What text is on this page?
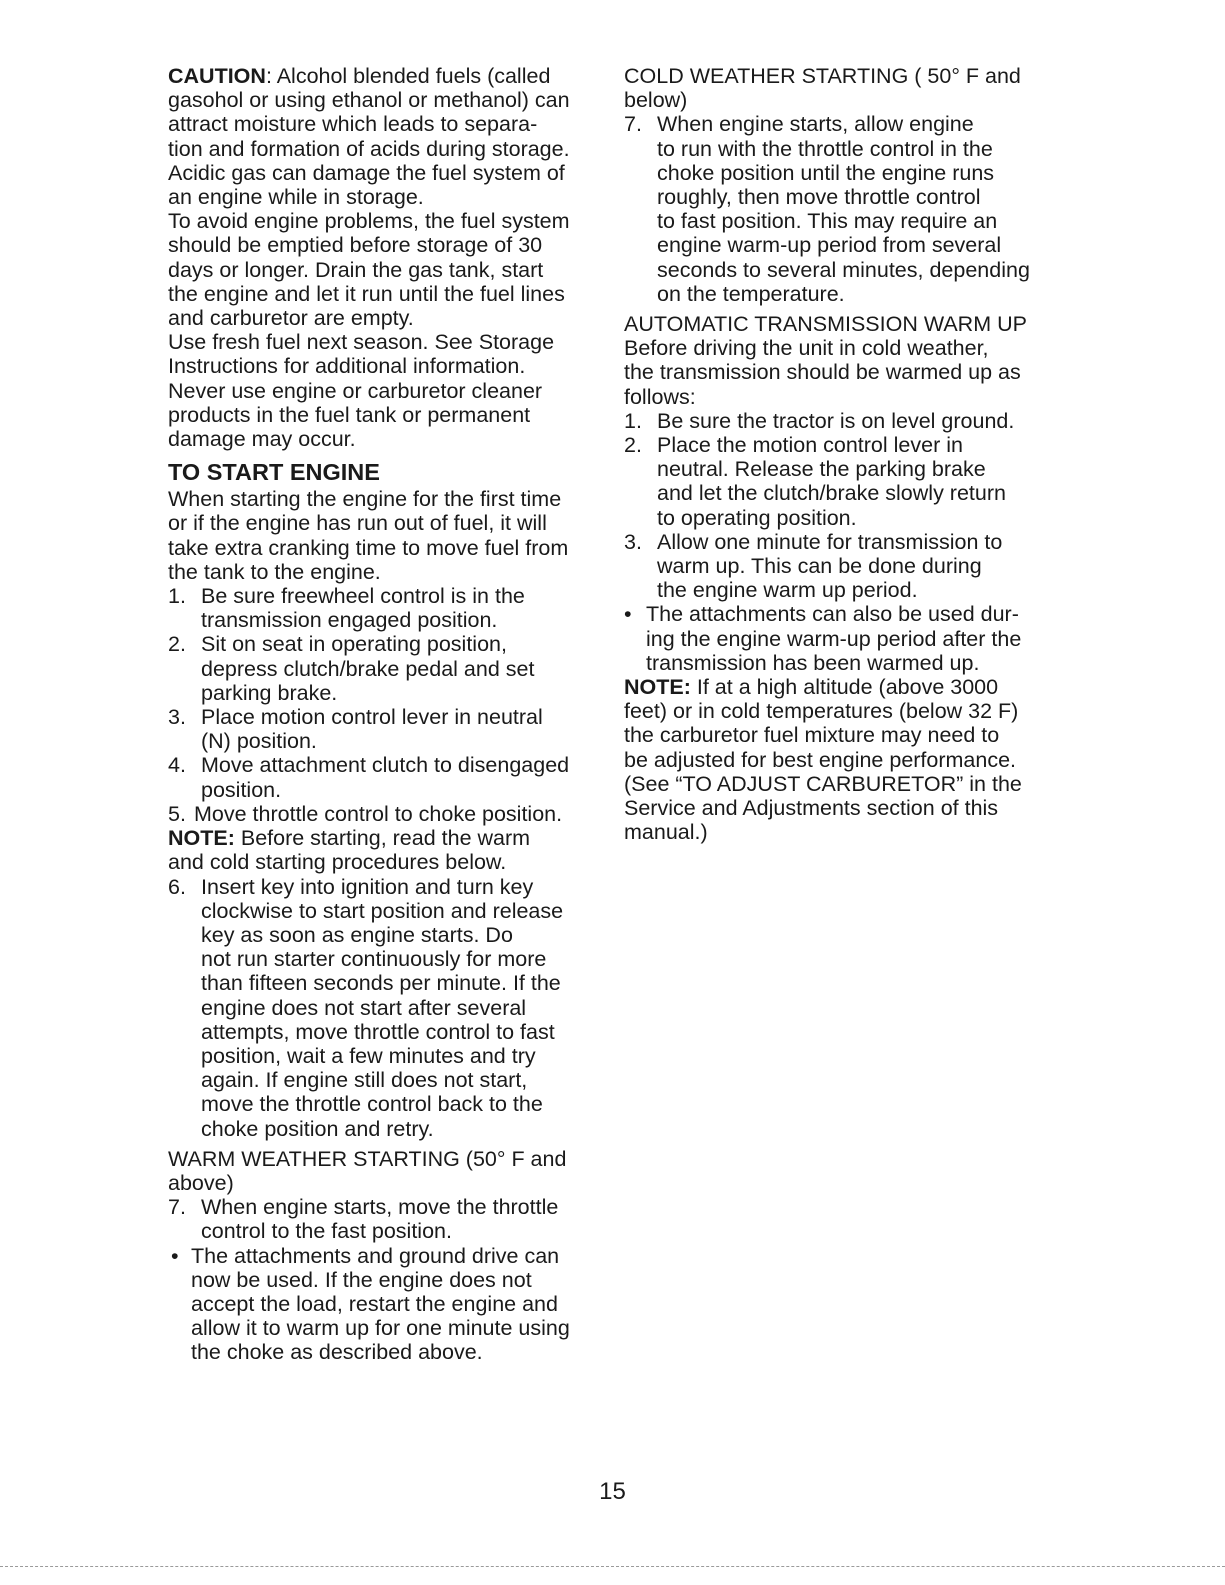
CAUTION: Alcohol blended fuels (called
gasohol or using ethanol or methanol) can
attract moisture which leads to separa-
tion and formation of acids during storage.
Acidic gas can damage the fuel system of
an engine while in storage.
To avoid engine problems, the fuel system
should be emptied before storage of 30
days or longer. Drain the gas tank, start
the engine and let it run until the fuel lines
and carburetor are empty.
Use fresh fuel next season. See Storage
Instructions for additional information.
Never use engine or carburetor cleaner
products in the fuel tank or permanent
damage may occur.
TO START ENGINE
When starting the engine for the first time
or if the engine has run out of fuel, it will
take extra cranking time to move fuel from
the tank to the engine.
1. Be sure freewheel control is in the
transmission engaged position.
2. Sit on seat in operating position,
depress clutch/brake pedal and set
parking brake.
3. Place motion control lever in neutral
(N) position.
4. Move attachment clutch to disengaged
position.
5. Move throttle control to choke position.
NOTE: Before starting, read the warm
and cold starting procedures below.
6. Insert key into ignition and turn key
clockwise to start position and release
key as soon as engine starts. Do
not run starter continuously for more
than fifteen seconds per minute. If the
engine does not start after several
attempts, move throttle control to fast
position, wait a few minutes and try
again. If engine still does not start,
move the throttle control back to the
choke position and retry.
WARM WEATHER STARTING (50° F and
above)
7. When engine starts, move the throttle
control to the fast position.
• The attachments and ground drive can
now be used. If the engine does not
accept the load, restart the engine and
allow it to warm up for one minute using
the choke as described above.
COLD WEATHER STARTING ( 50° F and
below)
7. When engine starts, allow engine
to run with the throttle control in the
choke position until the engine runs
roughly, then move throttle control
to fast position. This may require an
engine warm-up period from several
seconds to several minutes, depending
on the temperature.
AUTOMATIC TRANSMISSION WARM UP
Before driving the unit in cold weather,
the transmission should be warmed up as
follows:
1. Be sure the tractor is on level ground.
2. Place the motion control lever in
neutral. Release the parking brake
and let the clutch/brake slowly return
to operating position.
3. Allow one minute for transmission to
warm up. This can be done during
the engine warm up period.
• The attachments can also be used dur-
ing the engine warm-up period after the
transmission has been warmed up.
NOTE: If at a high altitude (above 3000
feet) or in cold temperatures (below 32 F)
the carburetor fuel mixture may need to
be adjusted for best engine performance.
(See “TO ADJUST CARBURETOR” in the
Service and Adjustments section of this
manual.)
15
